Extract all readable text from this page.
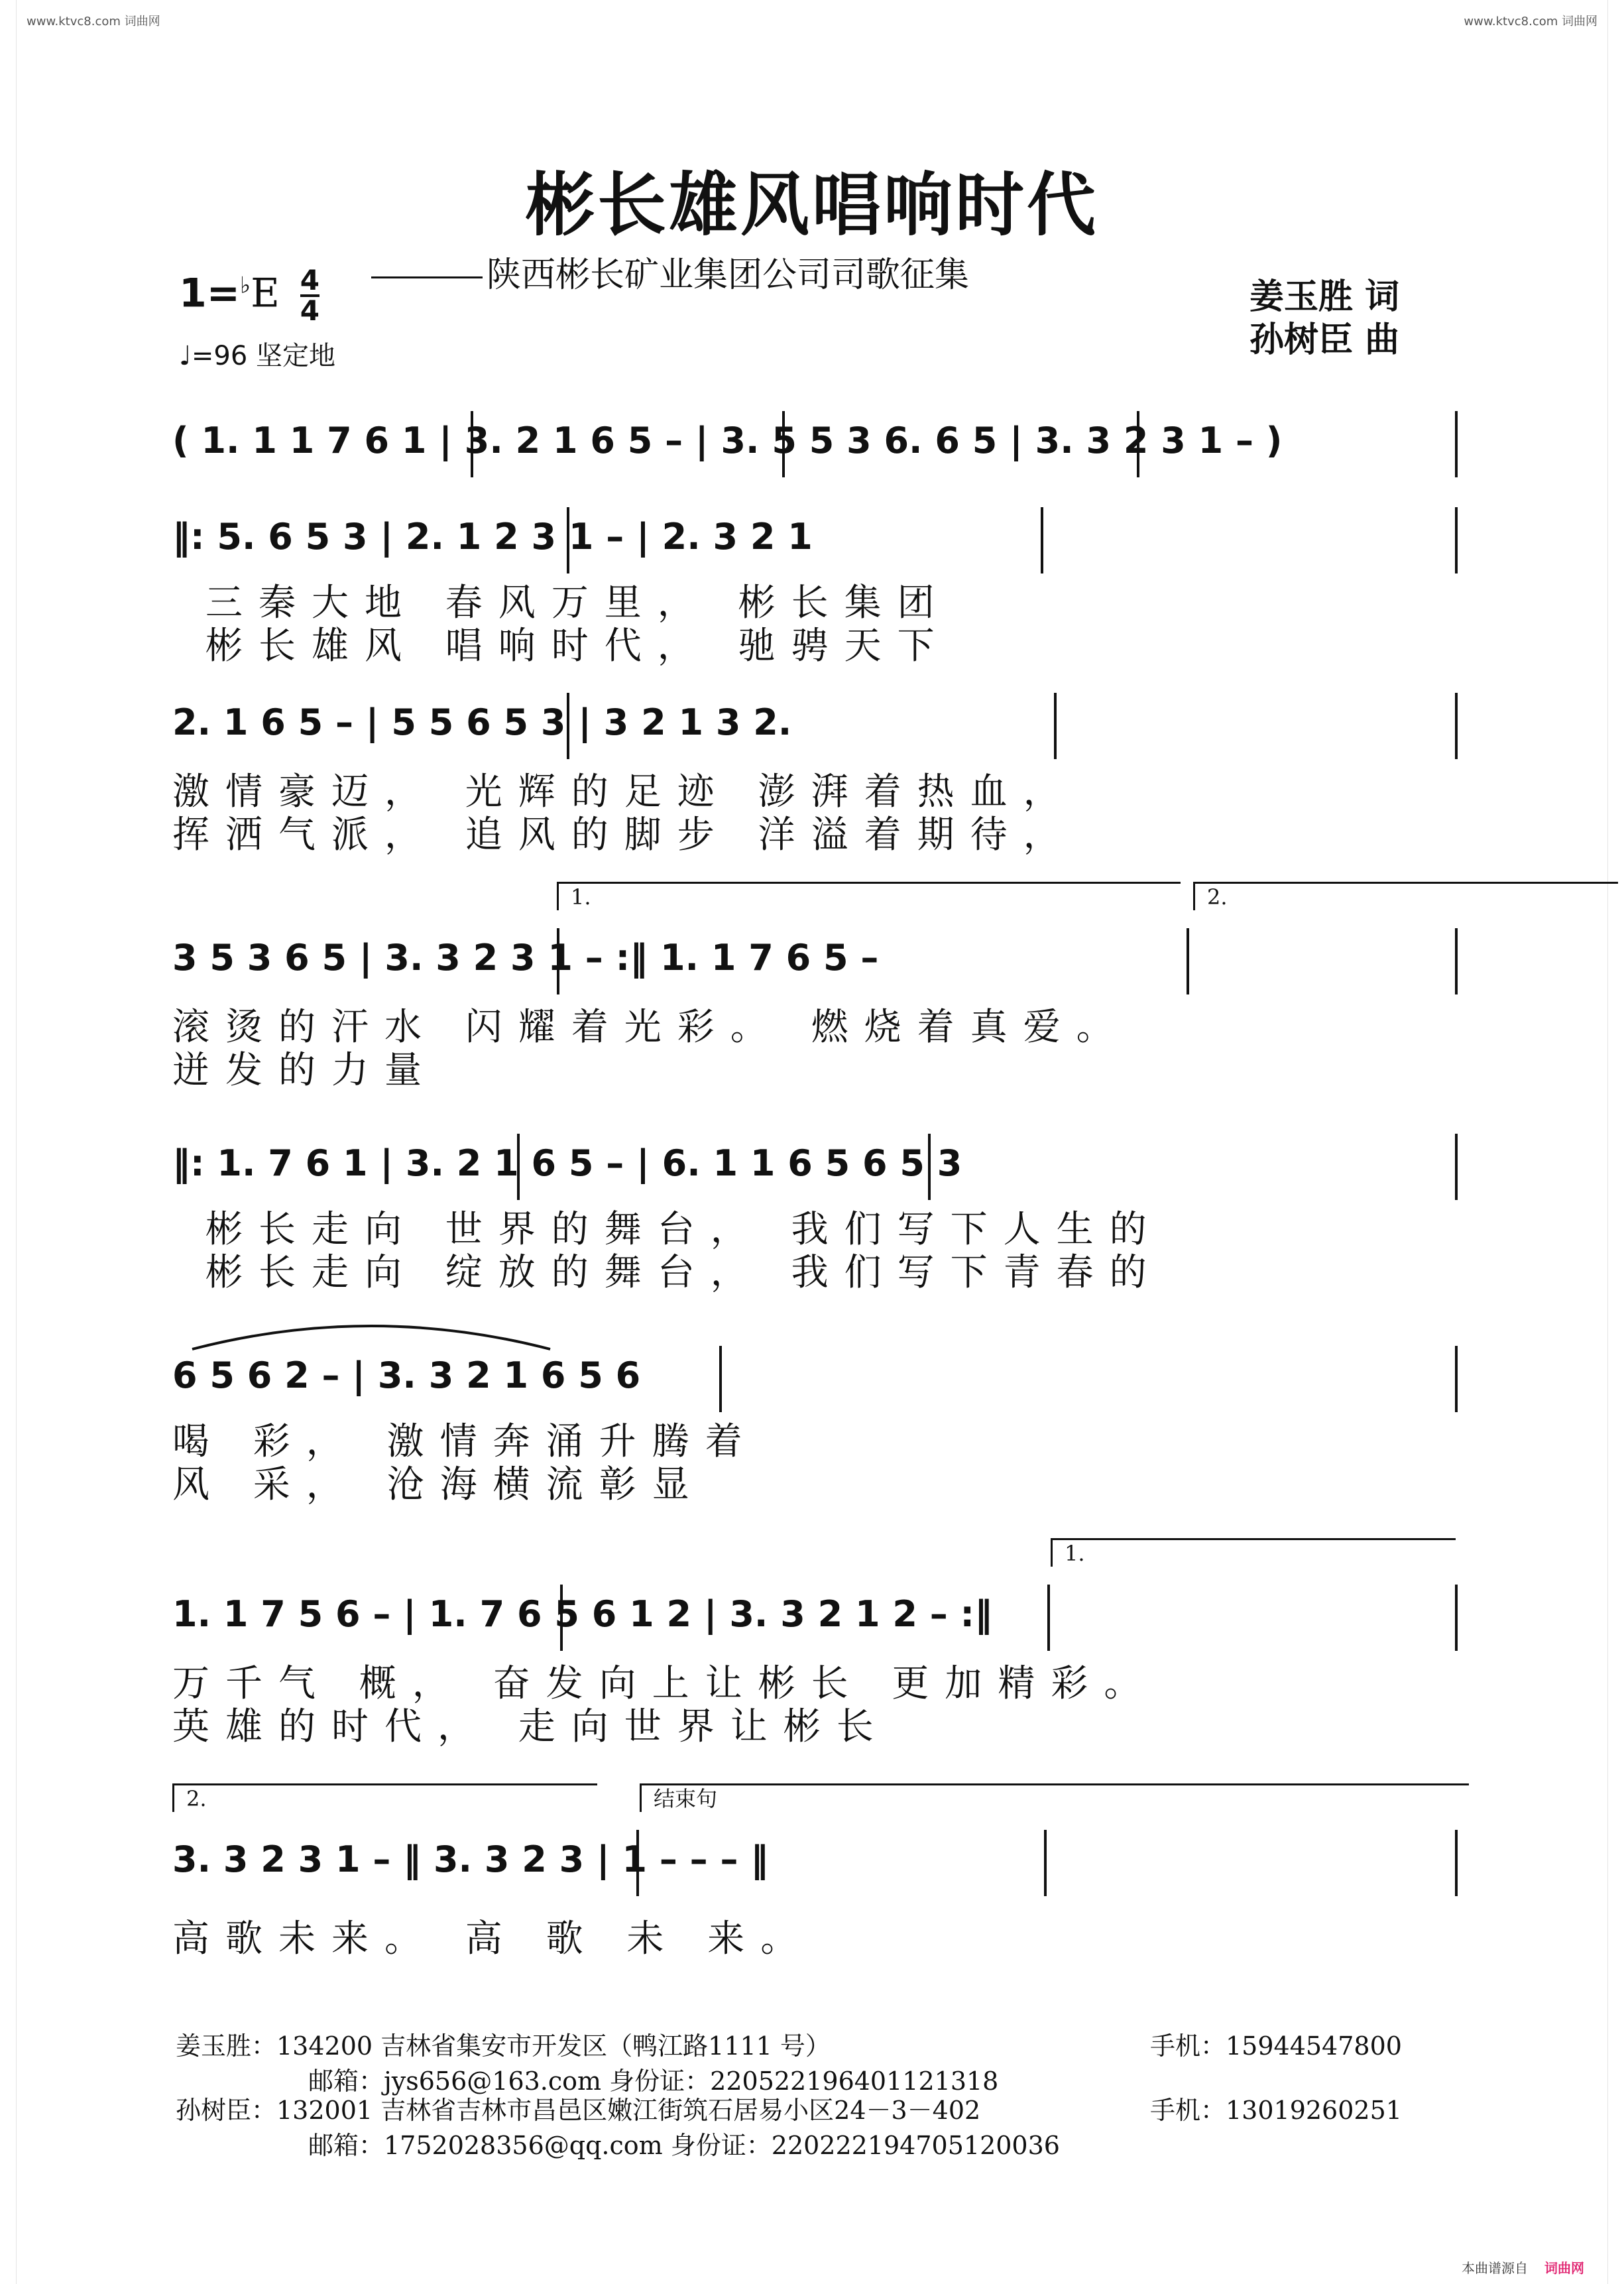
www.ktvc8.com 词曲网	www.ktvc8.com 词曲网
彬长雄风唱响时代
陕西彬长矿业集团公司司歌征集
$1=^♭E \frac{4}{4}$
♩=96 坚定地
姜玉胜 词
孙树臣 曲
( 1. 1 1 7 6 1 | 3. 2 1 6 5 – | 3. 5 5 3 6. 6 5 | 3. 3 2 3 1 – )
‖: 5. 6 5 3 | 2. 1 2 3 1 – | 2. 3 2 1
三秦大地 春风万里， 彬长集团
彬长雄风 唱响时代， 驰骋天下
2. 1 6 5 – | 5 5 6 5 3 | 3 2 1 3 2.
激情豪迈， 光辉的足迹 澎湃着热血，
挥洒气派， 追风的脚步 洋溢着期待，
1.	2.
3 5 3 6 5 | 3. 3 2 3 1 – :‖ 1. 1 7 6 5 –
滚烫的汗水 闪耀着光彩。 燃烧着真爱。
迸发的力量
‖: 1. 7 6 1 | 3. 2 1 6 5 – | 6. 1 1 6 5 6 5 3
彬长走向 世界的舞台， 我们写下人生的
彬长走向 绽放的舞台， 我们写下青春的
6 5 6 2 – | 3. 3 2 1 6 5 6
喝 彩， 激情奔涌升腾着
风 采， 沧海横流彰显
1.
1. 1 7 5 6 – | 1. 7 6 5 6 1 2 | 3. 3 2 1 2 – :‖
万千气 概， 奋发向上让彬长 更加精彩。
英雄的时代， 走向世界让彬长
2.	结束句
3. 3 2 3 1 – ‖ 3. 3 2 3 | 1 – – – ‖
高歌未来。 高 歌 未 来。
姜玉胜：134200 吉林省集安市开发区（鸭江路1111 号）	手机：15944547800
邮箱：jys656@163.com 身份证：220522196401121318
孙树臣：132001 吉林省吉林市昌邑区嫩江街筑石居易小区24－3－402	手机：13019260251
邮箱：1752028356@qq.com 身份证：220222194705120036
本曲谱源自 词曲网
